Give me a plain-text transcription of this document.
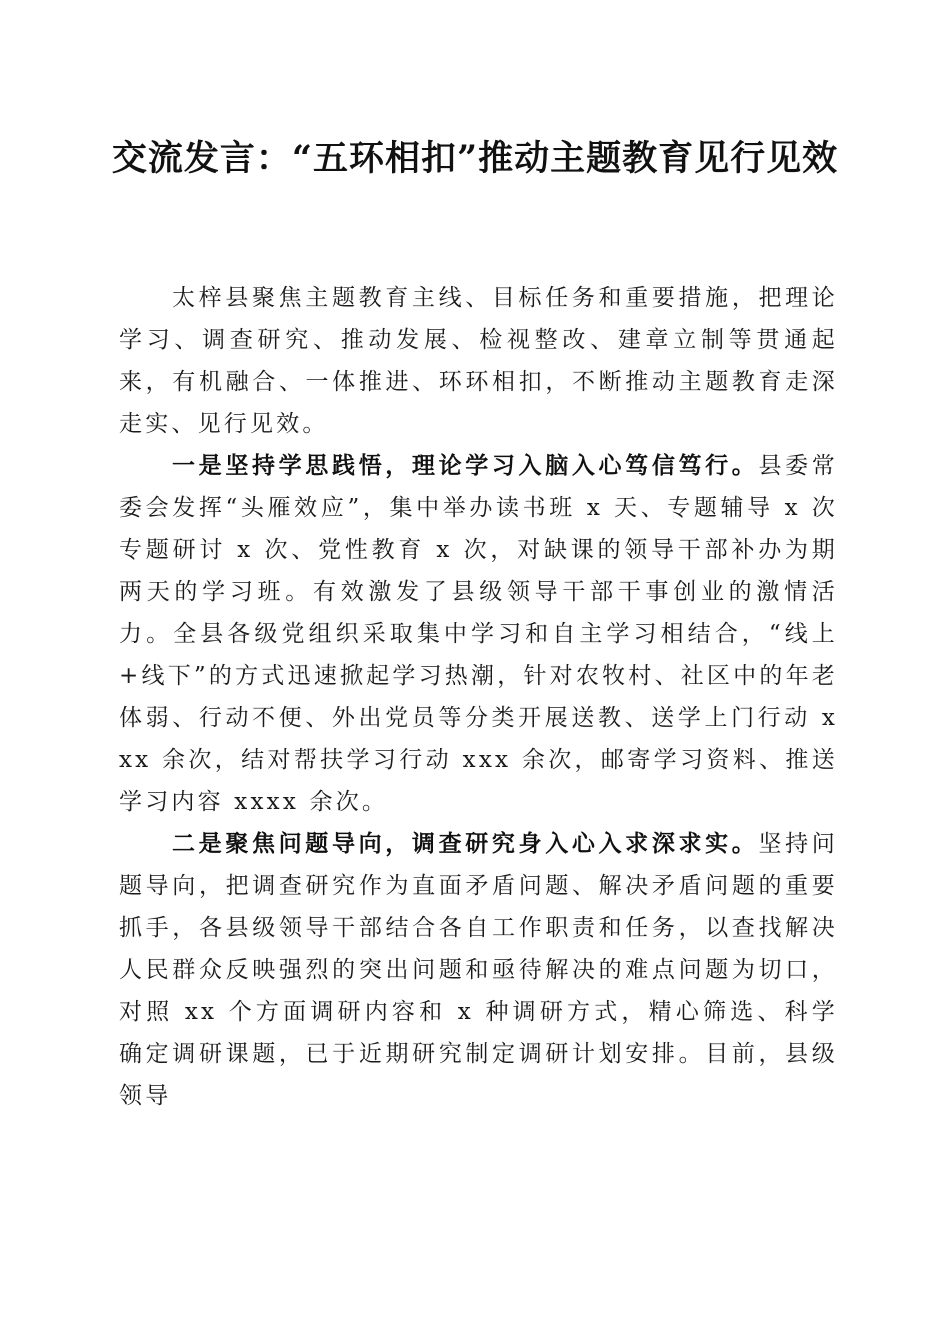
交流发言：“五环相扣”推动主题教育见行见效

太梓县聚焦主题教育主线、目标任务和重要措施，把理论学习、调查研究、推动发展、检视整改、建章立制等贯通起来，有机融合、一体推进、环环相扣，不断推动主题教育走深走实、见行见效。

一是坚持学思践悟，理论学习入脑入心笃信笃行。县委常委会发挥“头雁效应”，集中举办读书班 x 天、专题辅导 x 次专题研讨 x 次、党性教育 x 次，对缺课的领导干部补办为期两天的学习班。有效激发了县级领导干部干事创业的激情活力。全县各级党组织采取集中学习和自主学习相结合，“线上+线下”的方式迅速掀起学习热潮，针对农牧村、社区中的年老体弱、行动不便、外出党员等分类开展送教、送学上门行动 xxx 余次，结对帮扶学习行动 xxx 余次，邮寄学习资料、推送学习内容 xxxx 余次。

二是聚焦问题导向，调查研究身入心入求深求实。坚持问题导向，把调查研究作为直面矛盾问题、解决矛盾问题的重要抓手，各县级领导干部结合各自工作职责和任务，以查找解决人民群众反映强烈的突出问题和亟待解决的难点问题为切口，对照 xx 个方面调研内容和 x 种调研方式，精心筛选、科学确定调研课题，已于近期研究制定调研计划安排。目前，县级领导
